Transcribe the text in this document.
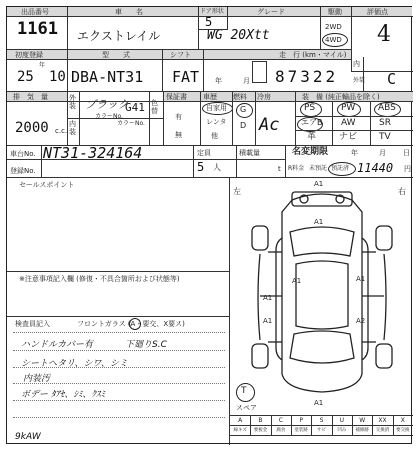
出品番号
1161
車　　名
エクストレイル
ドア形状
5
グレード
WG 20Xtt
駆動
2WD
4WD
評価点
4
初度登録
年
25 10
型　　式
DBA-NT31
シフト
FAT
走　行 (km・マイル)
年	月 87322
内
外装 C
排　気　量
2000 c.c.
外装 ブラック
カラーNo.
G41
内装
カラーNo.
色替
保証書
有
無
車歴 燃料 冷房	装　備 (純正輸品を除く)
自家用
レンタ
他
G
D Ac
PS	PW	ABS
エアB AW	SR
革	ナビ TV
車台No. NT31-324164
登録No.
定員
5 人
積載量
t
名変期限	年	月 日
R料金 未預託 預託済 11440 円
セールスポイント
※注意事項記入欄 (修復・不具合箇所および状態等)
検査員記入	フロントガラス (A・要交、X要ス)
ハンドルカバー有	下廻りS.C
シートヘタリ、シワ、シミ
内装汚
ボデー ﾀｱｾ、ｼﾐ、ｸｽﾐ
9kAW
左	右
A1
A1
A1
A1
A1
A1
A2
A1
T
スペア
A
線キズ
B
要板金
C
腐食
P
塗装跡
S
サビ
U
凹み
W
補修跡
XX
交換済
X
要交換
